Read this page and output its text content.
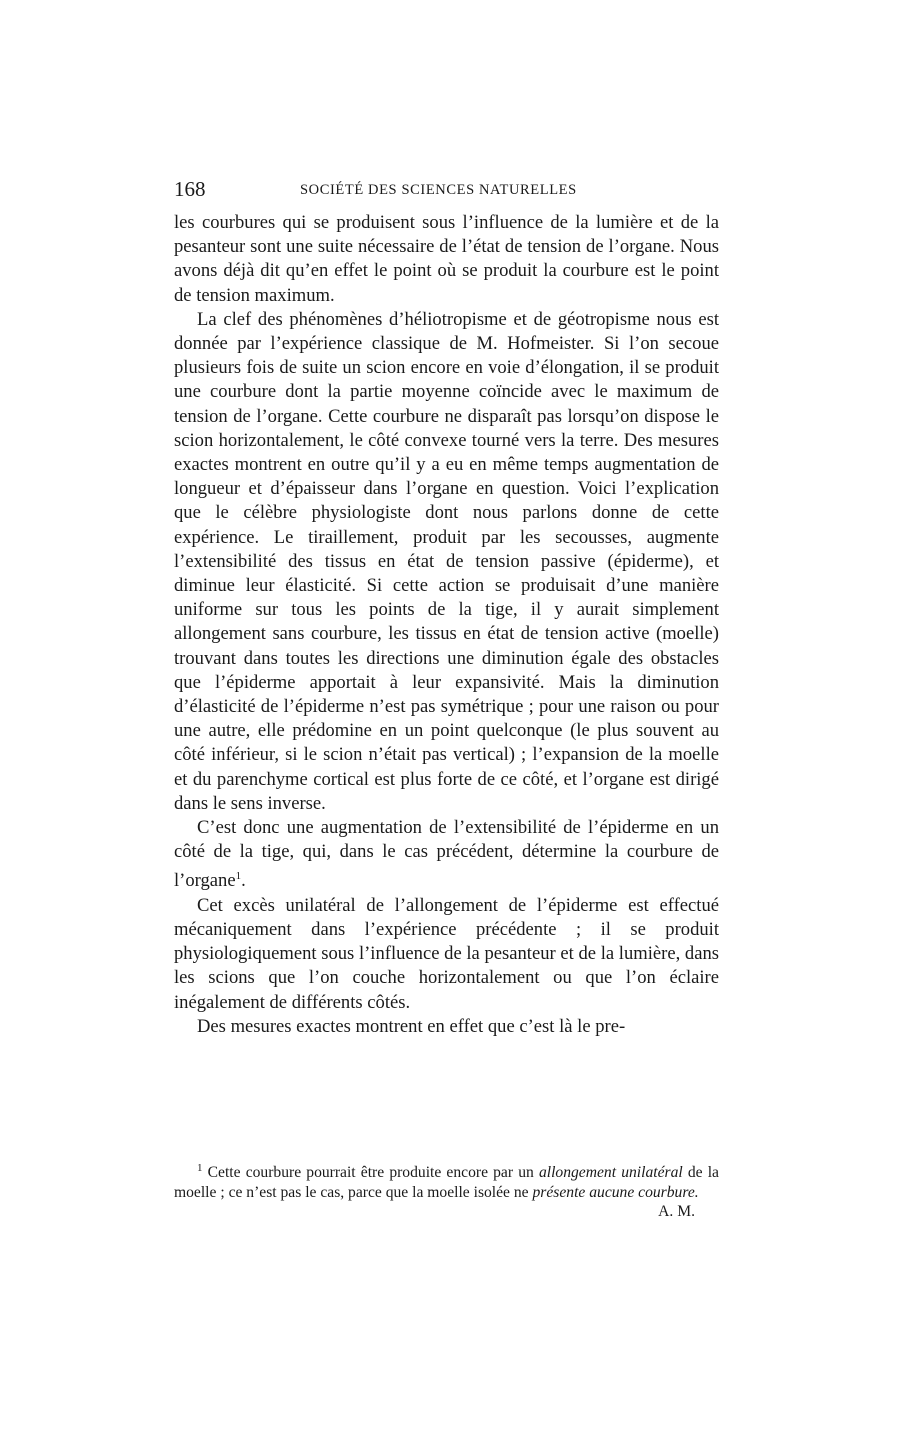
168	SOCIÉTÉ DES SCIENCES NATURELLES

les courbures qui se produisent sous l’influence de la lumière et de la pesanteur sont une suite nécessaire de l’état de tension de l’organe. Nous avons déjà dit qu’en effet le point où se produit la courbure est le point de tension maximum.

La clef des phénomènes d’héliotropisme et de géotropisme nous est donnée par l’expérience classique de M. Hofmeister. Si l’on secoue plusieurs fois de suite un scion encore en voie d’élongation, il se produit une courbure dont la partie moyenne coïncide avec le maximum de tension de l’organe. Cette courbure ne disparaît pas lorsqu’on dispose le scion horizontalement, le côté convexe tourné vers la terre. Des mesures exactes montrent en outre qu’il y a eu en même temps augmentation de longueur et d’épaisseur dans l’organe en question. Voici l’explication que le célèbre physiologiste dont nous parlons donne de cette expérience. Le tiraillement, produit par les secousses, augmente l’extensibilité des tissus en état de tension passive (épiderme), et diminue leur élasticité. Si cette action se produisait d’une manière uniforme sur tous les points de la tige, il y aurait simplement allongement sans courbure, les tissus en état de tension active (moelle) trouvant dans toutes les directions une diminution égale des obstacles que l’épiderme apportait à leur expansivité. Mais la diminution d’élasticité de l’épiderme n’est pas symétrique ; pour une raison ou pour une autre, elle prédomine en un point quelconque (le plus souvent au côté inférieur, si le scion n’était pas vertical) ; l’expansion de la moelle et du parenchyme cortical est plus forte de ce côté, et l’organe est dirigé dans le sens inverse.

C’est donc une augmentation de l’extensibilité de l’épiderme en un côté de la tige, qui, dans le cas précédent, détermine la courbure de l’organe$^1$.

Cet excès unilatéral de l’allongement de l’épiderme est effectué mécaniquement dans l’expérience précédente ; il se produit physiologiquement sous l’influence de la pesanteur et de la lumière, dans les scions que l’on couche horizontalement ou que l’on éclaire inégalement de différents côtés.

Des mesures exactes montrent en effet que c’est là le pre-

$^1$ Cette courbure pourrait être produite encore par un allongement unilatéral de la moelle ; ce n’est pas le cas, parce que la moelle isolée ne présente aucune courbure.
A. M.
